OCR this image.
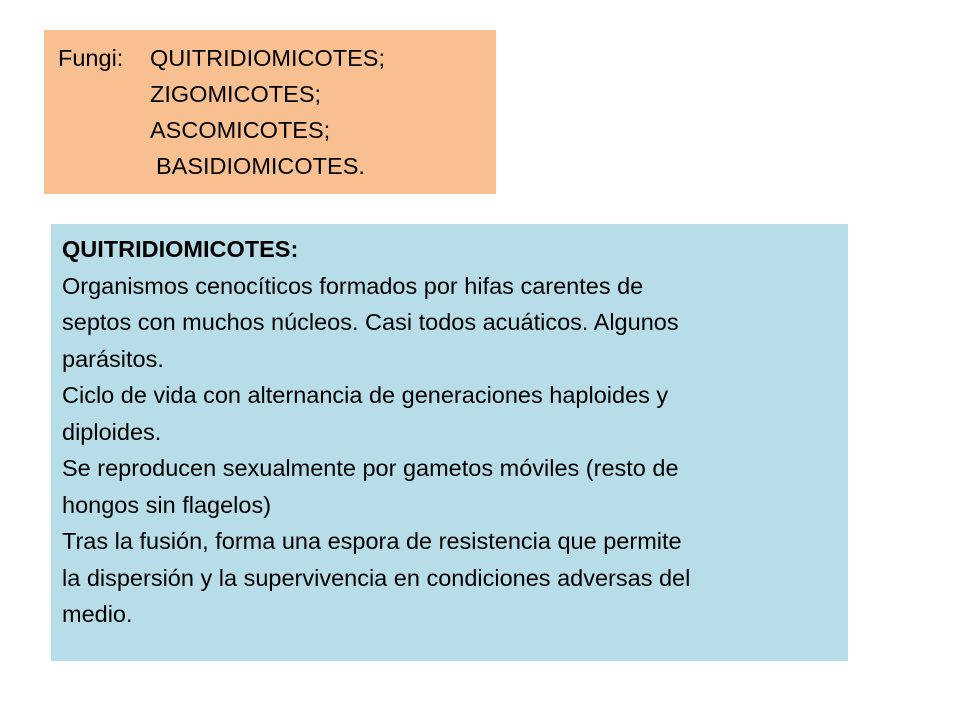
Fungi:	QUITRIDIOMICOTES;
ZIGOMICOTES;
ASCOMICOTES;
BASIDIOMICOTES.
QUITRIDIOMICOTES:
Organismos cenocíticos formados por hifas carentes de
septos con muchos núcleos. Casi todos acuáticos. Algunos
parásitos.
Ciclo de vida con alternancia de generaciones haploides y
diploides.
Se reproducen sexualmente por gametos móviles (resto de
hongos sin flagelos)
Tras la fusión, forma una espora de resistencia que permite
la dispersión y la supervivencia en condiciones adversas del
medio.
